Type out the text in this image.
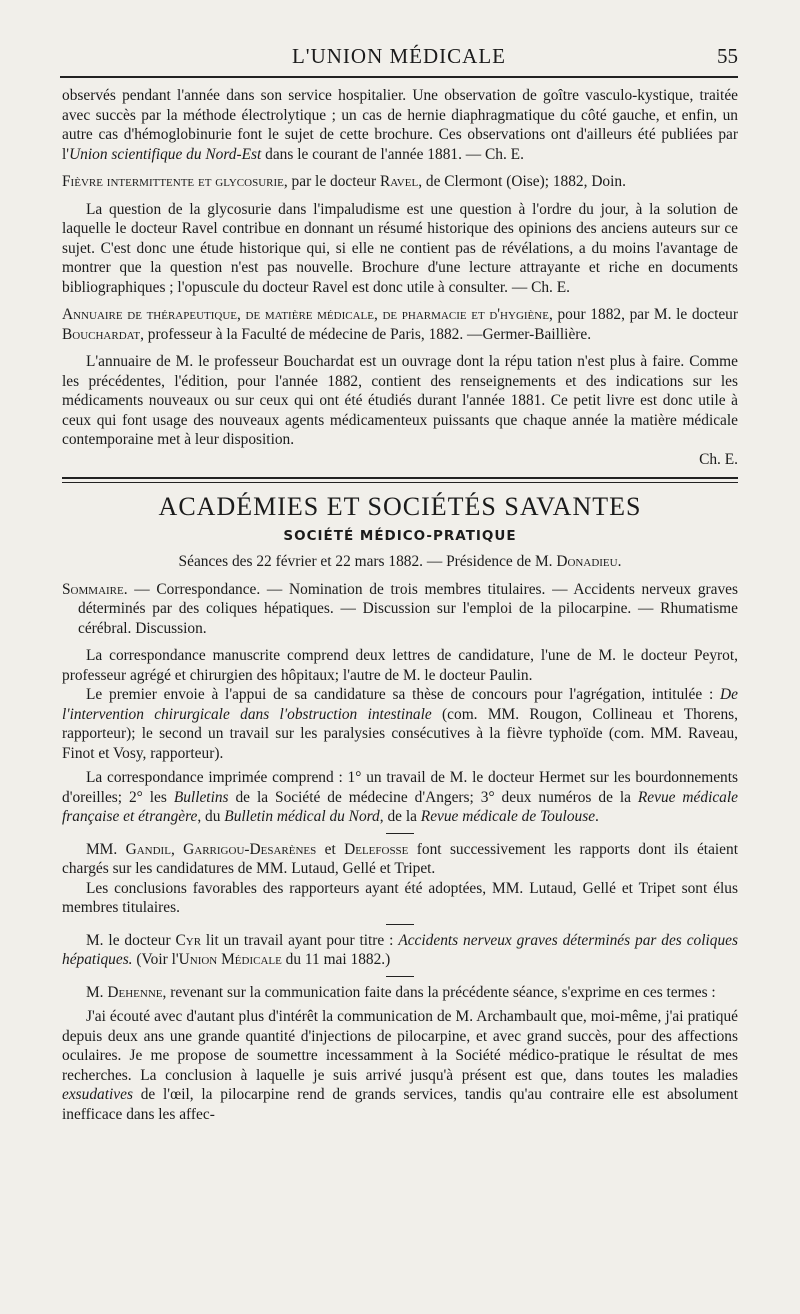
L'UNION MÉDICALE	55

observés pendant l'année dans son service hospitalier. Une observation de goître vasculo-kystique, traitée avec succès par la méthode électrolytique ; un cas de hernie diaphragmatique du côté gauche, et enfin, un autre cas d'hémoglobinurie font le sujet de cette brochure. Ces observations ont d'ailleurs été publiées par l'Union scientifique du Nord-Est dans le courant de l'année 1881. — Ch. E.

Fièvre intermittente et glycosurie, par le docteur Ravel, de Clermont (Oise); 1882, Doin.

La question de la glycosurie dans l'impaludisme est une question à l'ordre du jour, à la solution de laquelle le docteur Ravel contribue en donnant un résumé historique des opinions des anciens auteurs sur ce sujet. C'est donc une étude historique qui, si elle ne contient pas de révélations, a du moins l'avantage de montrer que la question n'est pas nouvelle. Brochure d'une lecture attrayante et riche en documents bibliographiques ; l'opuscule du docteur Ravel est donc utile à consulter. — Ch. E.

Annuaire de thérapeutique, de matière médicale, de pharmacie et d'hygiène, pour 1882, par M. le docteur Bouchardat, professeur à la Faculté de médecine de Paris, 1882. —Germer-Baillière.

L'annuaire de M. le professeur Bouchardat est un ouvrage dont la répu tation n'est plus à faire. Comme les précédentes, l'édition, pour l'année 1882, contient des renseignements et des indications sur les médicaments nouveaux ou sur ceux qui ont été étudiés durant l'année 1881. Ce petit livre est donc utile à ceux qui font usage des nouveaux agents médicamenteux puissants que chaque année la matière médicale contemporaine met à leur disposition.

Ch. E.

ACADÉMIES ET SOCIÉTÉS SAVANTES
SOCIÉTÉ MÉDICO-PRATIQUE

Séances des 22 février et 22 mars 1882. — Présidence de M. Donadieu.

Sommaire. — Correspondance. — Nomination de trois membres titulaires. — Accidents nerveux graves déterminés par des coliques hépatiques. — Discussion sur l'emploi de la pilocarpine. — Rhumatisme cérébral. Discussion.

La correspondance manuscrite comprend deux lettres de candidature, l'une de M. le docteur Peyrot, professeur agrégé et chirurgien des hôpitaux; l'autre de M. le docteur Paulin.

Le premier envoie à l'appui de sa candidature sa thèse de concours pour l'agrégation, intitulée : De l'intervention chirurgicale dans l'obstruction intestinale (com. MM. Rougon, Collineau et Thorens, rapporteur); le second un travail sur les paralysies consécutives à la fièvre typhoïde (com. MM. Raveau, Finot et Vosy, rapporteur).

La correspondance imprimée comprend : 1° un travail de M. le docteur Hermet sur les bourdonnements d'oreilles; 2° les Bulletins de la Société de médecine d'Angers; 3° deux numéros de la Revue médicale française et étrangère, du Bulletin médical du Nord, de la Revue médicale de Toulouse.

MM. Gandil, Garrigou-Desarènes et Delefosse font successivement les rapports dont ils étaient chargés sur les candidatures de MM. Lutaud, Gellé et Tripet.

Les conclusions favorables des rapporteurs ayant été adoptées, MM. Lutaud, Gellé et Tripet sont élus membres titulaires.

M. le docteur Cyr lit un travail ayant pour titre : Accidents nerveux graves déterminés par des coliques hépatiques. (Voir l'Union Médicale du 11 mai 1882.)

M. Dehenne, revenant sur la communication faite dans la précédente séance, s'exprime en ces termes :

J'ai écouté avec d'autant plus d'intérêt la communication de M. Archambault que, moi-même, j'ai pratiqué depuis deux ans une grande quantité d'injections de pilocarpine, et avec grand succès, pour des affections oculaires. Je me propose de soumettre incessamment à la Société médico-pratique le résultat de mes recherches. La conclusion à laquelle je suis arrivé jusqu'à présent est que, dans toutes les maladies exsudatives de l'œil, la pilocarpine rend de grands services, tandis qu'au contraire elle est absolument inefficace dans les affec-
